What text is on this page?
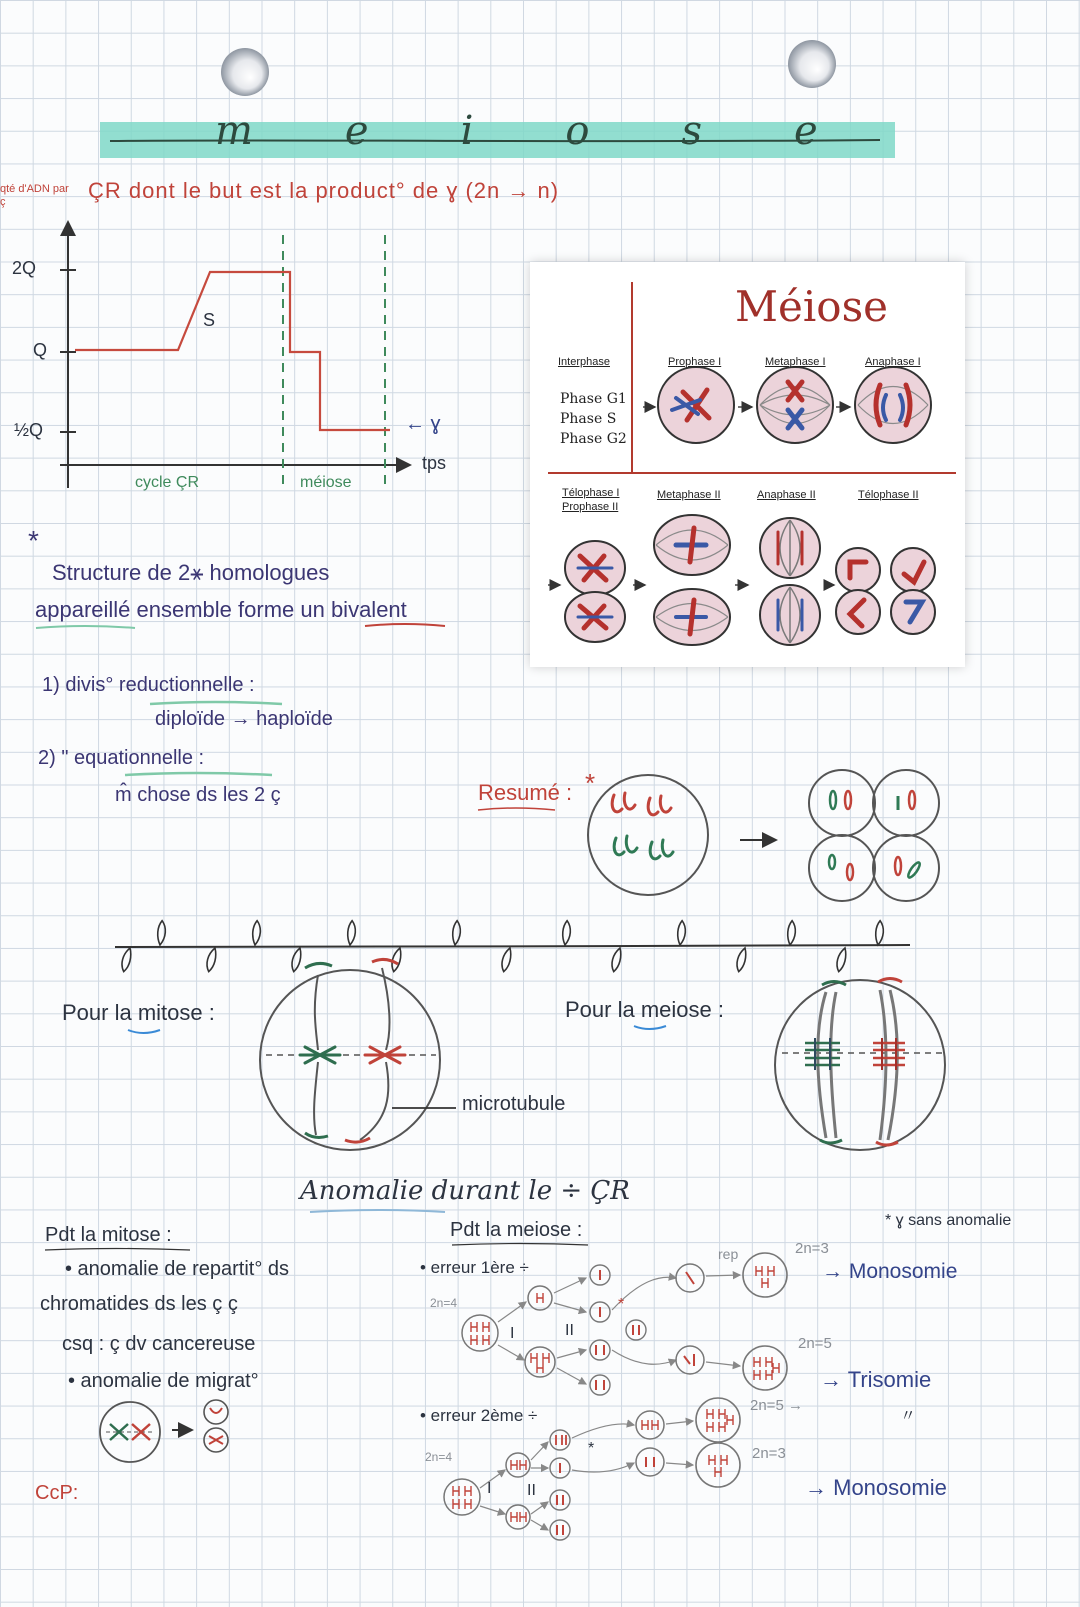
meiose
qté d'ADN par ç	ÇR dont le but est la product° de ɣ (2n → n)
2Q
Q
½Q
S
← ɣ
tps
cycle ÇR	méiose
Méiose
Interphase	Prophase I	Metaphase I	Anaphase I
Phase G1
Phase S
Phase G2
Télophase I
Prophase II
Metaphase II	Anaphase II	Télophase II
*
Structure de 2⚹ homologues
appareillé ensemble forme un bivalent
1) divis° reductionnelle :
diploïde → haploïde
2) " equationnelle :
m̂ chose ds les 2 ç	Resumé : *
Pour la mitose :
microtubule
Pour la meiose :
Anomalie durant le ÷ ÇR
Pdt la mitose :
• anomalie de repartit° ds
chromatides ds les ç ç
csq : ç dv cancereuse
• anomalie de migrat°
CcP:
Pdt la meiose :	* ɣ sans anomalie
• erreur 1ère ÷
2n=4
I	II
*
rep	2n=3
→ Monosomie
2n=5
→ Trisomie
〃
• erreur 2ème ÷
2n=4
I II
*
2n=5 →
2n=3
→ Monosomie
